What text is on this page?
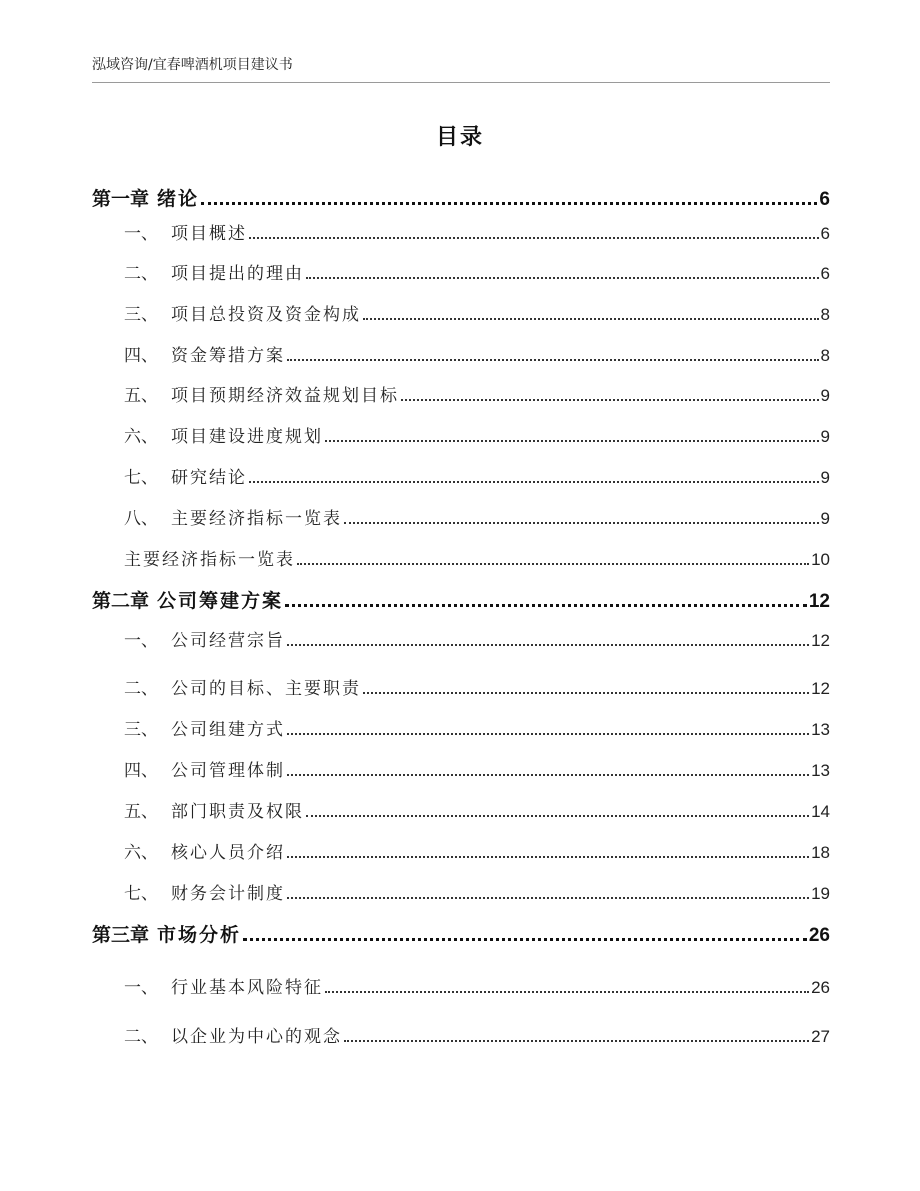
泓域咨询/宜春啤酒机项目建议书
目录
第一章 绪论	6
一、 项目概述	6
二、 项目提出的理由	6
三、 项目总投资及资金构成	8
四、 资金筹措方案	8
五、 项目预期经济效益规划目标	9
六、 项目建设进度规划	9
七、 研究结论	9
八、 主要经济指标一览表	9
主要经济指标一览表	10
第二章 公司筹建方案	12
一、 公司经营宗旨	12
二、 公司的目标、主要职责	12
三、 公司组建方式	13
四、 公司管理体制	13
五、 部门职责及权限	14
六、 核心人员介绍	18
七、 财务会计制度	19
第三章 市场分析	26
一、 行业基本风险特征	26
二、 以企业为中心的观念	27
